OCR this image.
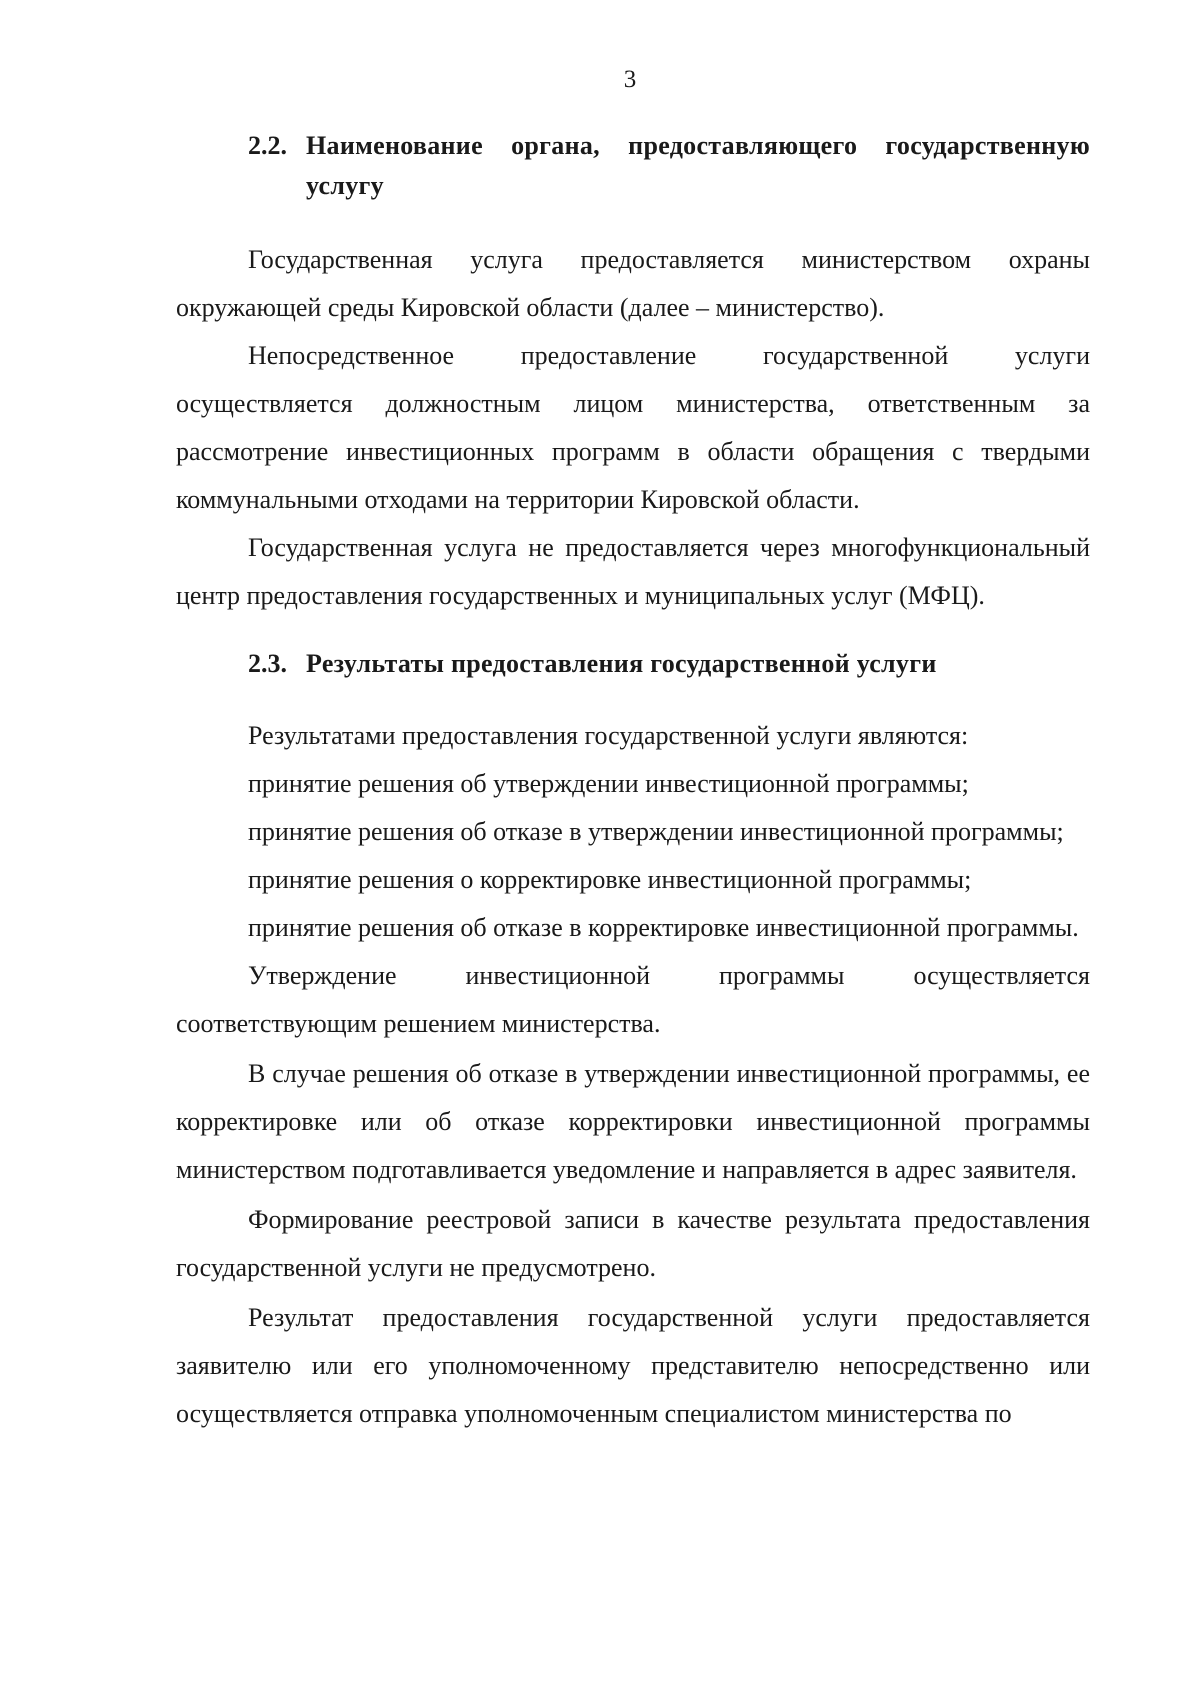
3
2.2. Наименование органа, предоставляющего государственную услугу

Государственная услуга предоставляется министерством охраны окружающей среды Кировской области (далее – министерство).

Непосредственное предоставление государственной услуги осуществляется должностным лицом министерства, ответственным за рассмотрение инвестиционных программ в области обращения с твердыми коммунальными отходами на территории Кировской области.

Государственная услуга не предоставляется через многофункциональный центр предоставления государственных и муниципальных услуг (МФЦ).

2.3. Результаты предоставления государственной услуги

Результатами предоставления государственной услуги являются:

принятие решения об утверждении инвестиционной программы;

принятие решения об отказе в утверждении инвестиционной программы;

принятие решения о корректировке инвестиционной программы;

принятие решения об отказе в корректировке инвестиционной программы.

Утверждение инвестиционной программы осуществляется соответствующим решением министерства.

В случае решения об отказе в утверждении инвестиционной программы, ее корректировке или об отказе корректировки инвестиционной программы министерством подготавливается уведомление и направляется в адрес заявителя.

Формирование реестровой записи в качестве результата предоставления государственной услуги не предусмотрено.

Результат предоставления государственной услуги предоставляется заявителю или его уполномоченному представителю непосредственно или осуществляется отправка уполномоченным специалистом министерства по
